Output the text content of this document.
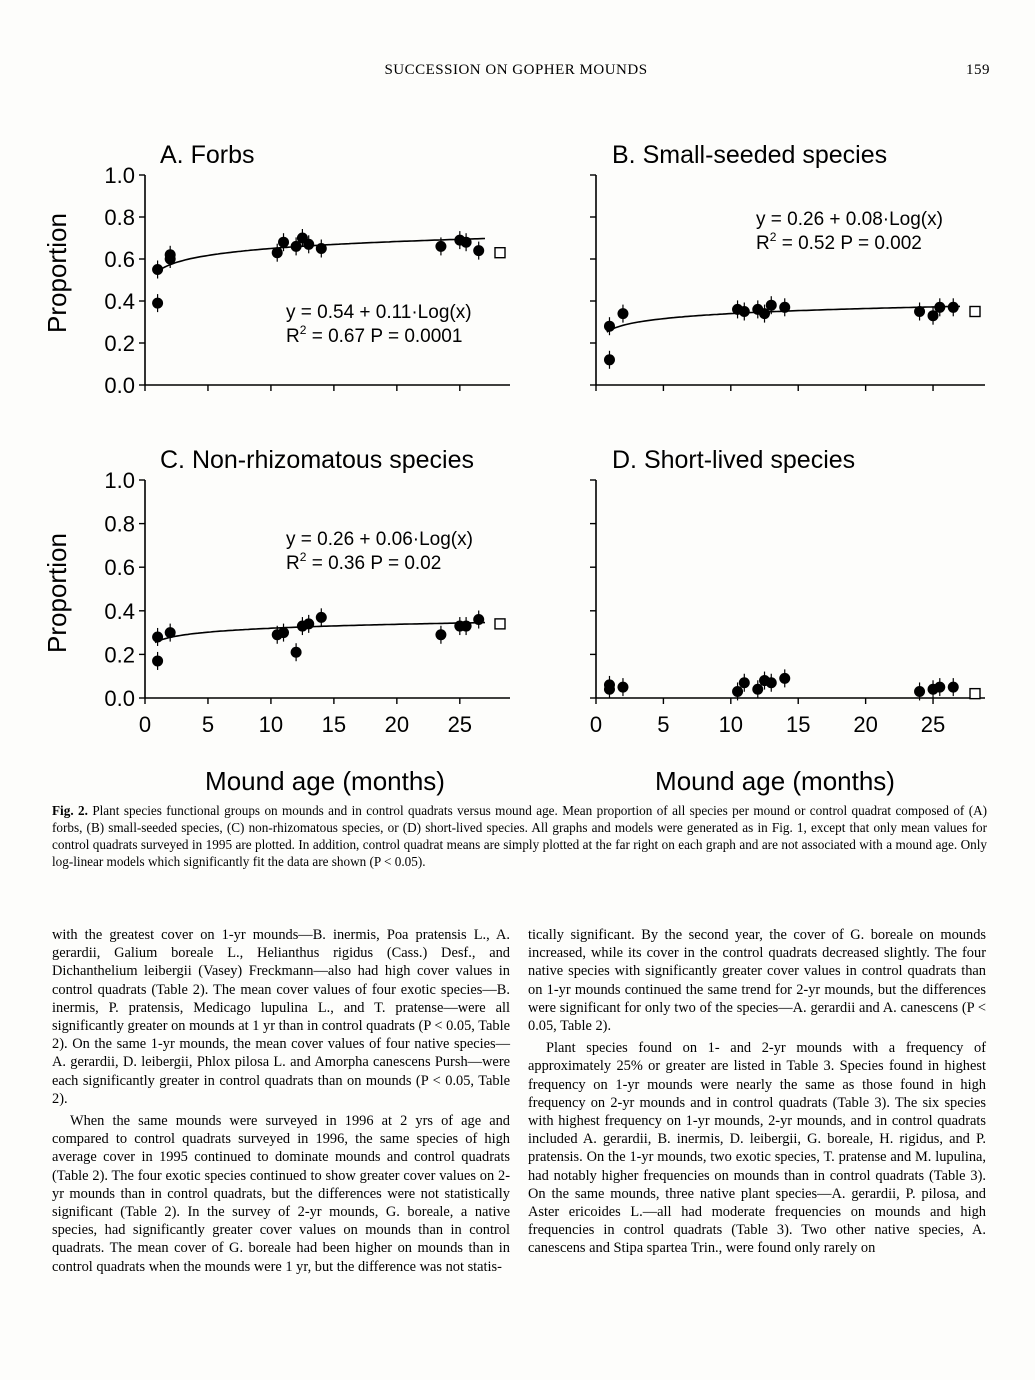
SUCCESSION ON GOPHER MOUNDS	159
0.0
0.2
0.4
0.6
0.8
1.0
A. Forbs
y = 0.54 + 0.11·Log(x)
$R^2 = 0.67$ P = 0.0001
B. Small-seeded species
y = 0.26 + 0.08·Log(x)
$R^2 = 0.52$ P = 0.002
0.0
0.2
0.4
0.6
0.8
1.0
0 5 10 15 20 25
C. Non-rhizomatous species
y = 0.26 + 0.06·Log(x)
$R^2 = 0.36$ P = 0.02
0	5 10 15 20 25
D. Short-lived species
Proportion
Proportion
Mound age (months)	Mound age (months)
Fig. 2. Plant species functional groups on mounds and in control quadrats versus mound age. Mean proportion of all species per mound or control quadrat composed of (A) forbs, (B) small-seeded species, (C) non-rhizomatous species, or (D) short-lived species. All graphs and models were generated as in Fig. 1, except that only mean values for control quadrats surveyed in 1995 are plotted. In addition, control quadrat means are simply plotted at the far right on each graph and are not associated with a mound age. Only log-linear models which significantly fit the data are shown (P < 0.05).

with the greatest cover on 1-yr mounds—B. inermis, Poa pratensis L., A. gerardii, Galium boreale L., Helianthus rigidus (Cass.) Desf., and Dichanthelium leibergii (Vasey) Freckmann—also had high cover values in control quadrats (Table 2). The mean cover values of four exotic species—B. inermis, P. pratensis, Medicago lupulina L., and T. pratense—were all significantly greater on mounds at 1 yr than in control quadrats (P < 0.05, Table 2). On the same 1-yr mounds, the mean cover values of four native species—A. gerardii, D. leibergii, Phlox pilosa L. and Amorpha canescens Pursh—were each significantly greater in control quadrats than on mounds (P < 0.05, Table 2).

When the same mounds were surveyed in 1996 at 2 yrs of age and compared to control quadrats surveyed in 1996, the same species of high average cover in 1995 continued to dominate mounds and control quadrats (Table 2). The four exotic species continued to show greater cover values on 2-yr mounds than in control quadrats, but the differences were not statistically significant (Table 2). In the survey of 2-yr mounds, G. boreale, a native species, had significantly greater cover values on mounds than in control quadrats. The mean cover of G. boreale had been higher on mounds than in control quadrats when the mounds were 1 yr, but the difference was not statis-

tically significant. By the second year, the cover of G. boreale on mounds increased, while its cover in the control quadrats decreased slightly. The four native species with significantly greater cover values in control quadrats than on 1-yr mounds continued the same trend for 2-yr mounds, but the differences were significant for only two of the species—A. gerardii and A. canescens (P < 0.05, Table 2).

Plant species found on 1- and 2-yr mounds with a frequency of approximately 25% or greater are listed in Table 3. Species found in highest frequency on 1-yr mounds were nearly the same as those found in high frequency on 2-yr mounds and in control quadrats (Table 3). The six species with highest frequency on 1-yr mounds, 2-yr mounds, and in control quadrats included A. gerardii, B. inermis, D. leibergii, G. boreale, H. rigidus, and P. pratensis. On the 1-yr mounds, two exotic species, T. pratense and M. lupulina, had notably higher frequencies on mounds than in control quadrats (Table 3). On the same mounds, three native plant species—A. gerardii, P. pilosa, and Aster ericoides L.—all had moderate frequencies on mounds and high frequencies in control quadrats (Table 3). Two other native species, A. canescens and Stipa spartea Trin., were found only rarely on
